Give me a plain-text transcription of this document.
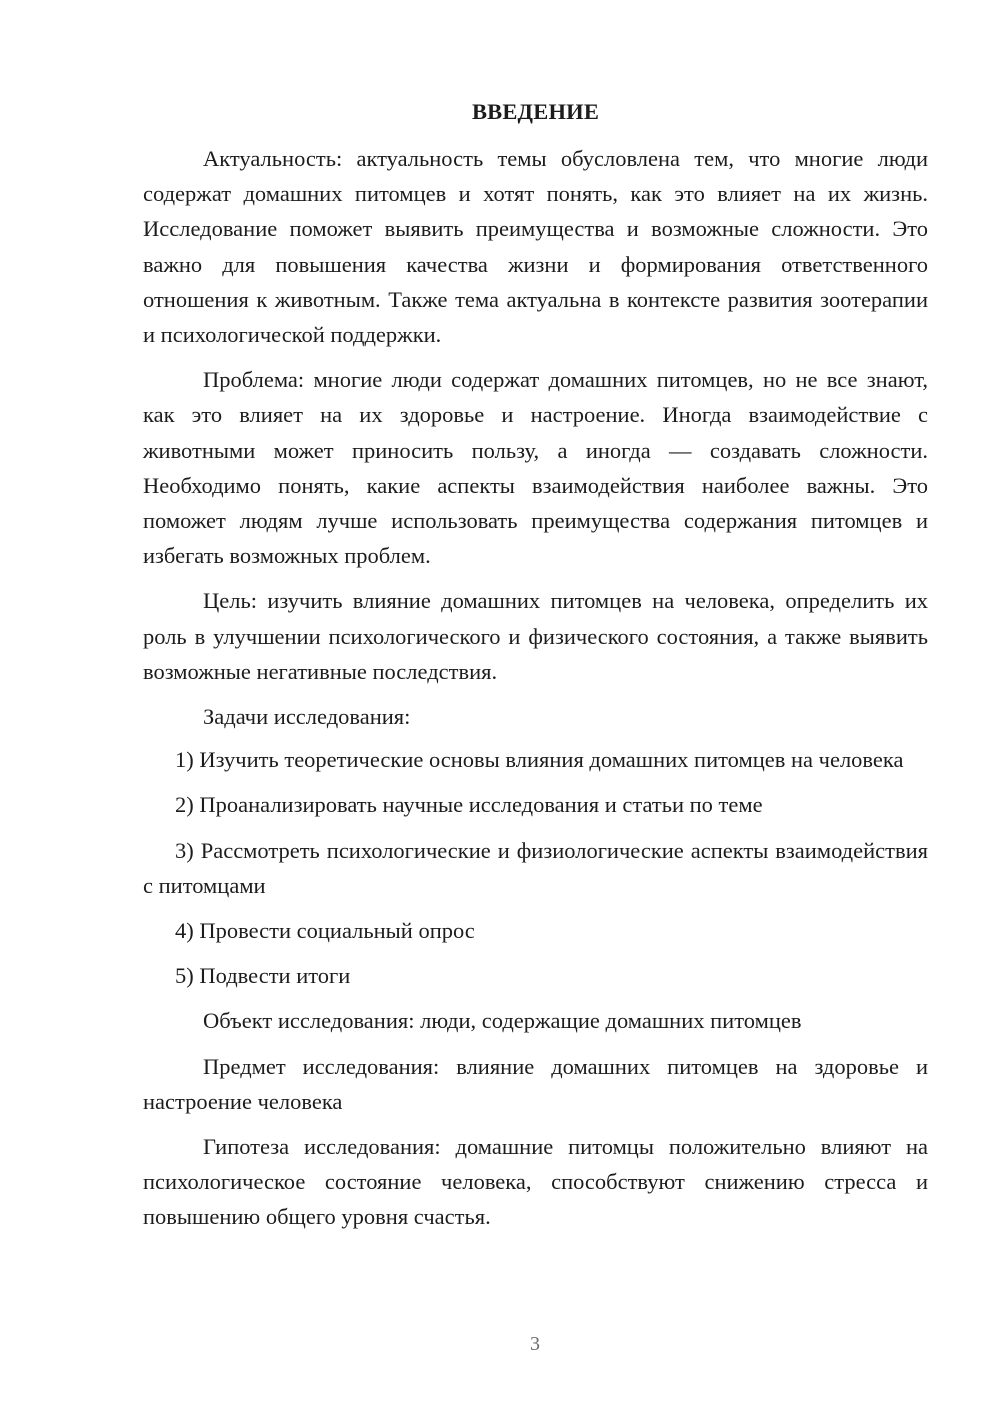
ВВЕДЕНИЕ

Актуальность: актуальность темы обусловлена тем, что многие люди содержат домашних питомцев и хотят понять, как это влияет на их жизнь. Исследование поможет выявить преимущества и возможные сложности. Это важно для повышения качества жизни и формирования ответственного отношения к животным. Также тема актуальна в контексте развития зоотерапии и психологической поддержки.

Проблема: многие люди содержат домашних питомцев, но не все знают, как это влияет на их здоровье и настроение. Иногда взаимодействие с животными может приносить пользу, а иногда — создавать сложности. Необходимо понять, какие аспекты взаимодействия наиболее важны. Это поможет людям лучше использовать преимущества содержания питомцев и избегать возможных проблем.

Цель: изучить влияние домашних питомцев на человека, определить их роль в улучшении психологического и физического состояния, а также выявить возможные негативные последствия.

Задачи исследования:

1) Изучить теоретические основы влияния домашних питомцев на человека

2) Проанализировать научные исследования и статьи по теме

3) Рассмотреть психологические и физиологические аспекты взаимодействия с питомцами

4) Провести социальный опрос

5) Подвести итоги

Объект исследования: люди, содержащие домашних питомцев

Предмет исследования: влияние домашних питомцев на здоровье и настроение человека

Гипотеза исследования: домашние питомцы положительно влияют на психологическое состояние человека, способствуют снижению стресса и повышению общего уровня счастья.

3
